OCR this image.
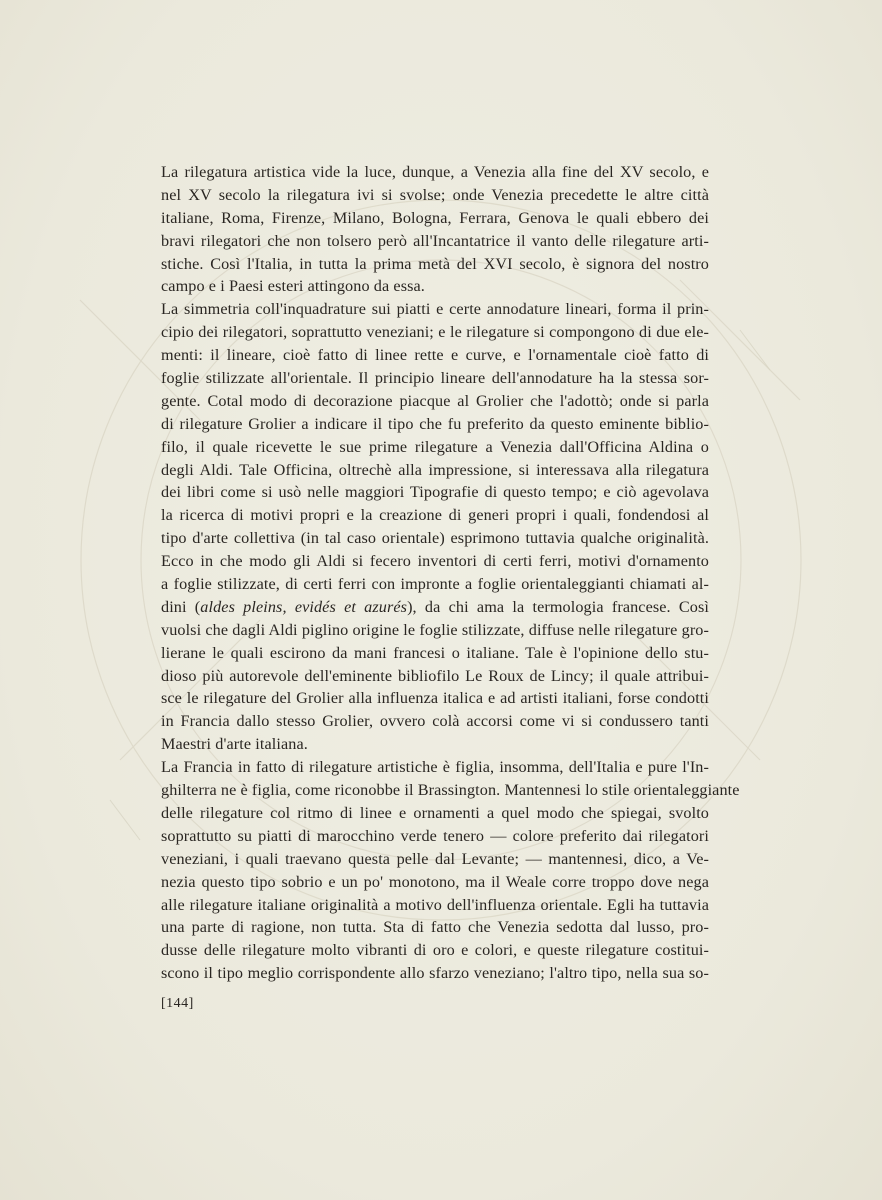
La rilegatura artistica vide la luce, dunque, a Venezia alla fine del XV secolo, e
nel XV secolo la rilegatura ivi si svolse; onde Venezia precedette le altre città
italiane, Roma, Firenze, Milano, Bologna, Ferrara, Genova le quali ebbero dei
bravi rilegatori che non tolsero però all'Incantatrice il vanto delle rilegature arti-
stiche. Così l'Italia, in tutta la prima metà del XVI secolo, è signora del nostro
campo e i Paesi esteri attingono da essa.
La simmetria coll'inquadrature sui piatti e certe annodature lineari, forma il prin-
cipio dei rilegatori, soprattutto veneziani; e le rilegature si compongono di due ele-
menti: il lineare, cioè fatto di linee rette e curve, e l'ornamentale cioè fatto di
foglie stilizzate all'orientale. Il principio lineare dell'annodature ha la stessa sor-
gente. Cotal modo di decorazione piacque al Grolier che l'adottò; onde si parla
di rilegature Grolier a indicare il tipo che fu preferito da questo eminente biblio-
filo, il quale ricevette le sue prime rilegature a Venezia dall'Officina Aldina o
degli Aldi. Tale Officina, oltrechè alla impressione, si interessava alla rilegatura
dei libri come si usò nelle maggiori Tipografie di questo tempo; e ciò agevolava
la ricerca di motivi propri e la creazione di generi propri i quali, fondendosi al
tipo d'arte collettiva (in tal caso orientale) esprimono tuttavia qualche originalità.
Ecco in che modo gli Aldi si fecero inventori di certi ferri, motivi d'ornamento
a foglie stilizzate, di certi ferri con impronte a foglie orientaleggianti chiamati al-
dini (aldes pleins, evidés et azurés), da chi ama la termologia francese. Così
vuolsi che dagli Aldi piglino origine le foglie stilizzate, diffuse nelle rilegature gro-
lierane le quali escirono da mani francesi o italiane. Tale è l'opinione dello stu-
dioso più autorevole dell'eminente bibliofilo Le Roux de Lincy; il quale attribui-
sce le rilegature del Grolier alla influenza italica e ad artisti italiani, forse condotti
in Francia dallo stesso Grolier, ovvero colà accorsi come vi si condussero tanti
Maestri d'arte italiana.
La Francia in fatto di rilegature artistiche è figlia, insomma, dell'Italia e pure l'In-
ghilterra ne è figlia, come riconobbe il Brassington. Mantennesi lo stile orientaleggiante
delle rilegature col ritmo di linee e ornamenti a quel modo che spiegai, svolto
soprattutto su piatti di marocchino verde tenero — colore preferito dai rilegatori
veneziani, i quali traevano questa pelle dal Levante; — mantennesi, dico, a Ve-
nezia questo tipo sobrio e un po' monotono, ma il Weale corre troppo dove nega
alle rilegature italiane originalità a motivo dell'influenza orientale. Egli ha tuttavia
una parte di ragione, non tutta. Sta di fatto che Venezia sedotta dal lusso, pro-
dusse delle rilegature molto vibranti di oro e colori, e queste rilegature costitui-
scono il tipo meglio corrispondente allo sfarzo veneziano; l'altro tipo, nella sua so-
[144]
